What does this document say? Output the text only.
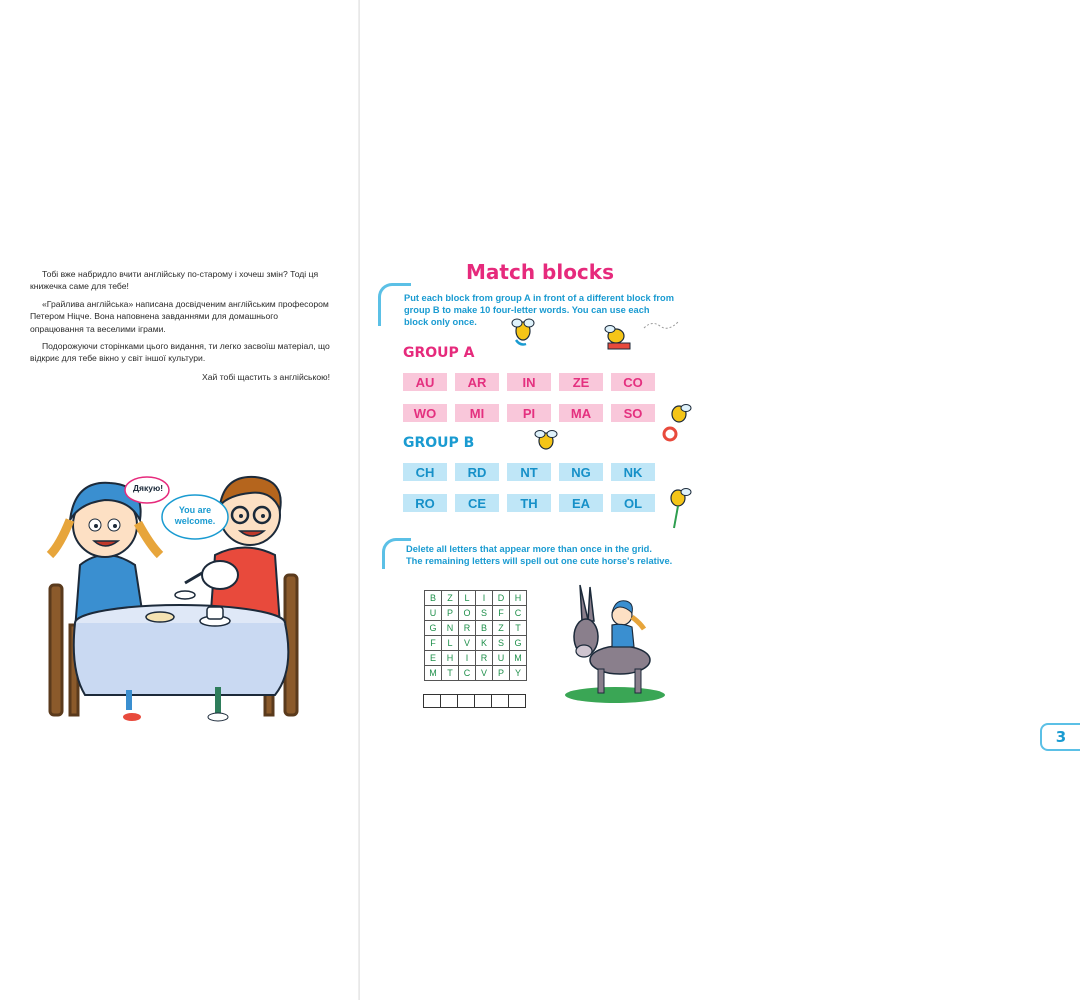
Тобі вже набридло вчити англійську по-старому і хочеш змін? Тоді ця книжечка саме для тебе!

«Грайлива англійська» написана досвідченим англійським професором Петером Ніцче. Вона наповнена завданнями для домашнього опрацювання та веселими іграми.

Подорожуючи сторінками цього видання, ти легко засвоїш матеріал, що відкриє для тебе вікно у світ іншої культури.

Хай тобі щастить з англійською!

Дякую!
You are
welcome.
Match blocks
Put each block from group A in front of a different block from group B to make 10 four-letter words. You can use each block only once.
GROUP A
AU	AR	IN	ZE	CO
WO	MI	PI	MA	SO
GROUP B
CH	RD	NT	NG	NK
RO	CE	TH	EA	OL
Delete all letters that appear more than once in the grid.
The remaining letters will spell out one cute horse's relative.
B	Z	L	I	D	H
U	P	O	S	F	C
G	N	R	B	Z	T
F	L	V	K	S	G
E	H	I	R	U	M
M	T	C	V	P	Y
3
